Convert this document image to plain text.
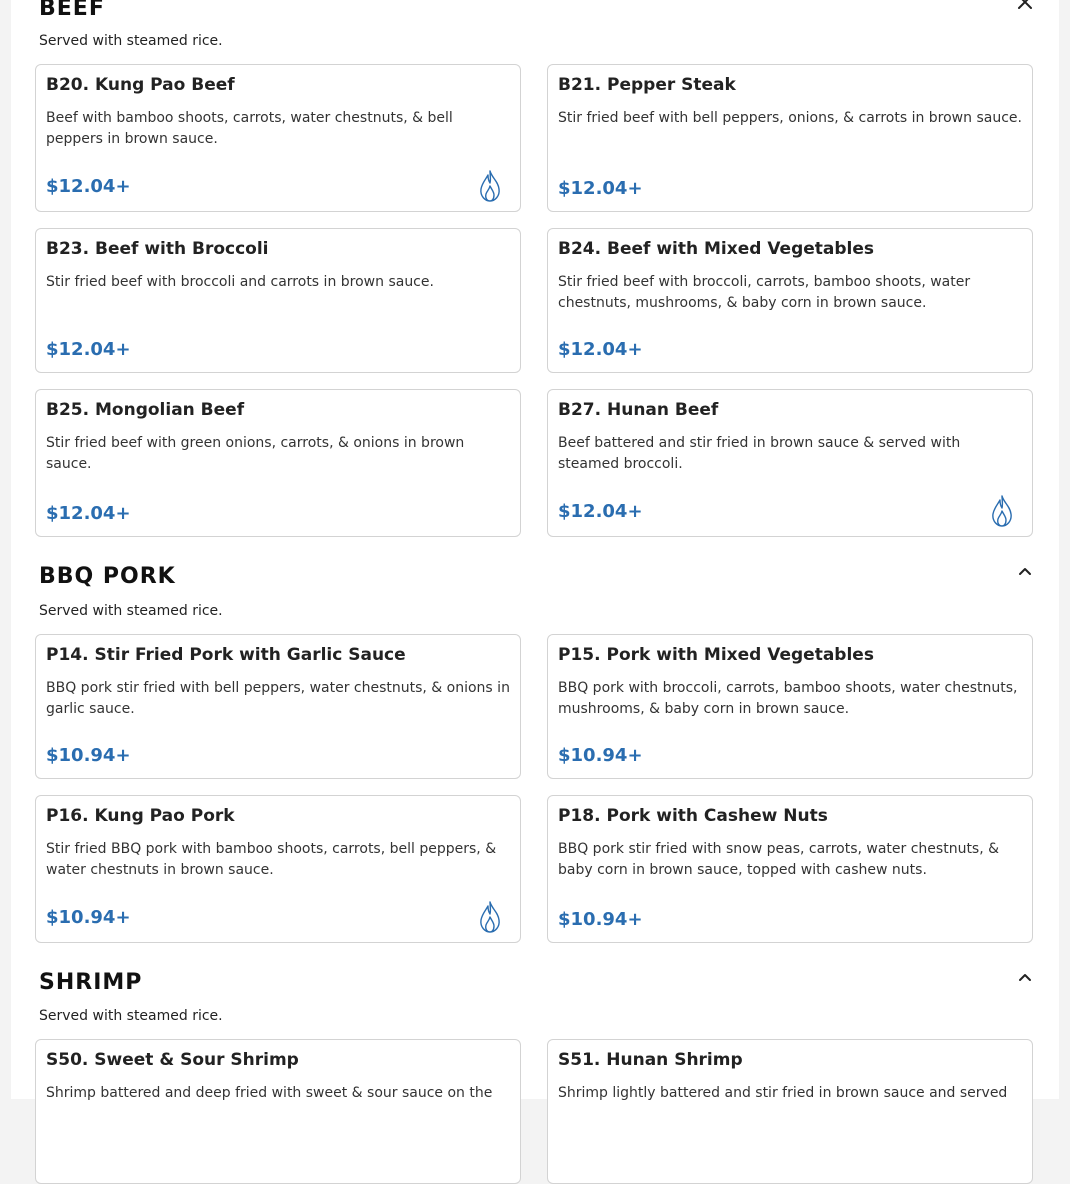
BEEF
Served with steamed rice.
B20. Kung Pao Beef
Beef with bamboo shoots, carrots, water chestnuts, & bell peppers in brown sauce.
$12.04+
B21. Pepper Steak
Stir fried beef with bell peppers, onions, & carrots in brown sauce.
$12.04+
B23. Beef with Broccoli
Stir fried beef with broccoli and carrots in brown sauce.
$12.04+
B24. Beef with Mixed Vegetables
Stir fried beef with broccoli, carrots, bamboo shoots, water chestnuts, mushrooms, & baby corn in brown sauce.
$12.04+
B25. Mongolian Beef
Stir fried beef with green onions, carrots, & onions in brown sauce.
$12.04+
B27. Hunan Beef
Beef battered and stir fried in brown sauce & served with steamed broccoli.
$12.04+
BBQ PORK
Served with steamed rice.
P14. Stir Fried Pork with Garlic Sauce
BBQ pork stir fried with bell peppers, water chestnuts, & onions in garlic sauce.
$10.94+
P15. Pork with Mixed Vegetables
BBQ pork with broccoli, carrots, bamboo shoots, water chestnuts, mushrooms, & baby corn in brown sauce.
$10.94+
P16. Kung Pao Pork
Stir fried BBQ pork with bamboo shoots, carrots, bell peppers, & water chestnuts in brown sauce.
$10.94+
P18. Pork with Cashew Nuts
BBQ pork stir fried with snow peas, carrots, water chestnuts, & baby corn in brown sauce, topped with cashew nuts.
$10.94+
SHRIMP
Served with steamed rice.
S50. Sweet & Sour Shrimp
Shrimp battered and deep fried with sweet & sour sauce on the
S51. Hunan Shrimp
Shrimp lightly battered and stir fried in brown sauce and served
